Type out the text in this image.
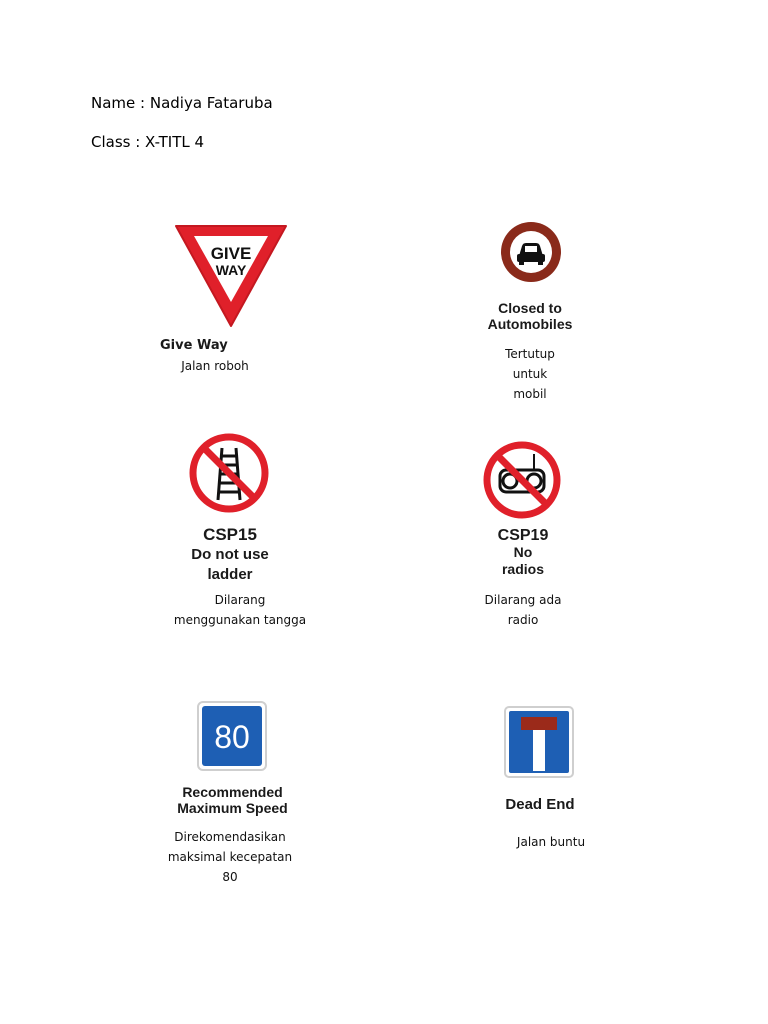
Name : Nadiya Fataruba
Class : X-TITL 4
GIVE
WAY
Give Way
Jalan roboh
Closed to
Automobiles
Tertutup
untuk
mobil
CSP15
Do not use
ladder
Dilarang
menggunakan tangga
CSP19
No
radios
Dilarang ada
radio
80
Recommended
Maximum Speed
Direkomendasikan
maksimal kecepatan
80
Dead End
Jalan buntu
